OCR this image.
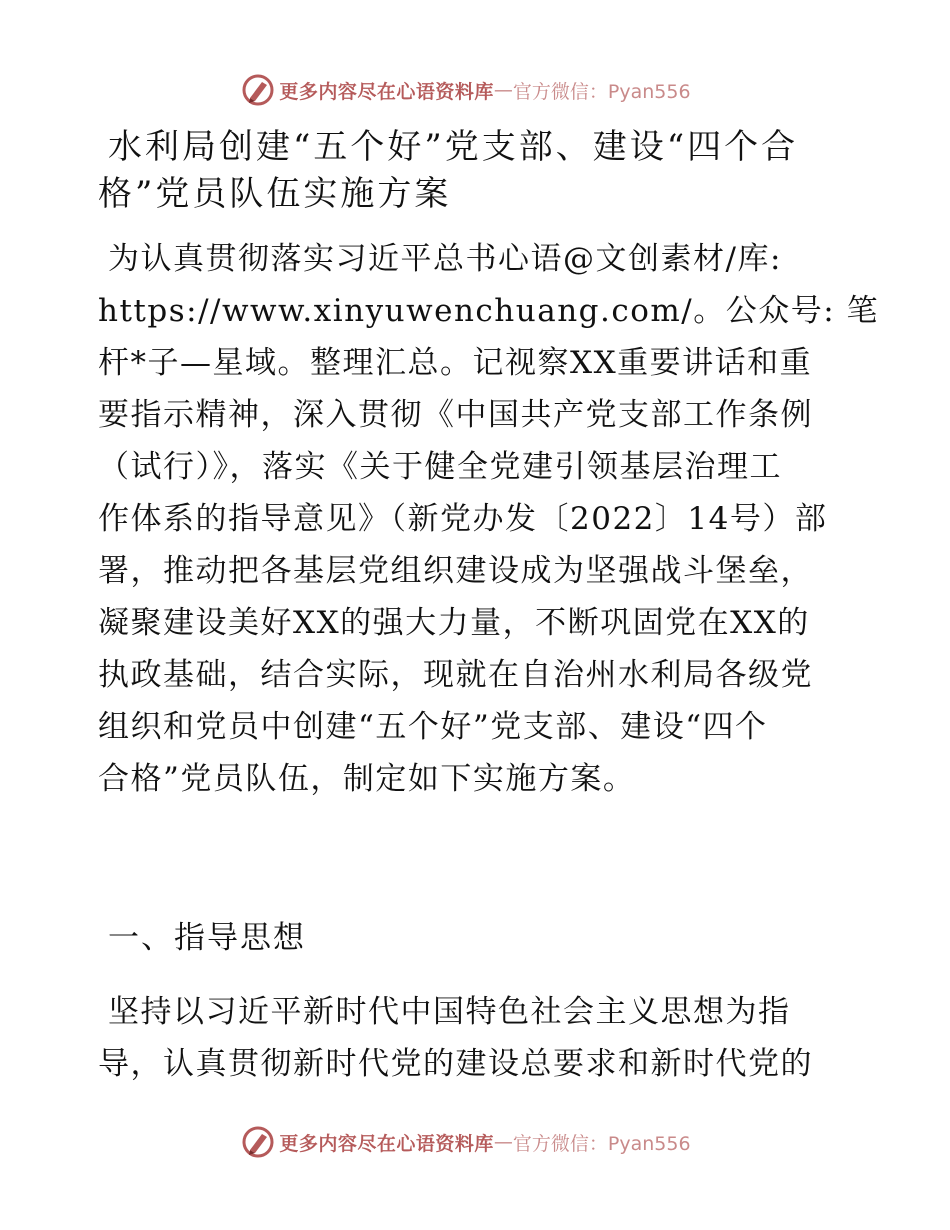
更多内容尽在心语资料库 — 官方微信：Pyan556
水利局创建“五个好”党支部、建设“四个合
格”党员队伍实施方案
为认真贯彻落实习近平总书心语@文创素材/库:
https://www.xinyuwenchuang.com/。公众号: 笔
杆*子—星域。整理汇总。记视察XX重要讲话和重
要指示精神，深入贯彻《中国共产党支部工作条例
（试行）》，落实《关于健全党建引领基层治理工
作体系的指导意见》（新党办发〔2022〕14号）部
署，推动把各基层党组织建设成为坚强战斗堡垒，
凝聚建设美好XX的强大力量，不断巩固党在XX的
执政基础，结合实际，现就在自治州水利局各级党
组织和党员中创建“五个好”党支部、建设“四个
合格”党员队伍，制定如下实施方案。
一、指导思想
坚持以习近平新时代中国特色社会主义思想为指
导，认真贯彻新时代党的建设总要求和新时代党的
更多内容尽在心语资料库 — 官方微信：Pyan556
